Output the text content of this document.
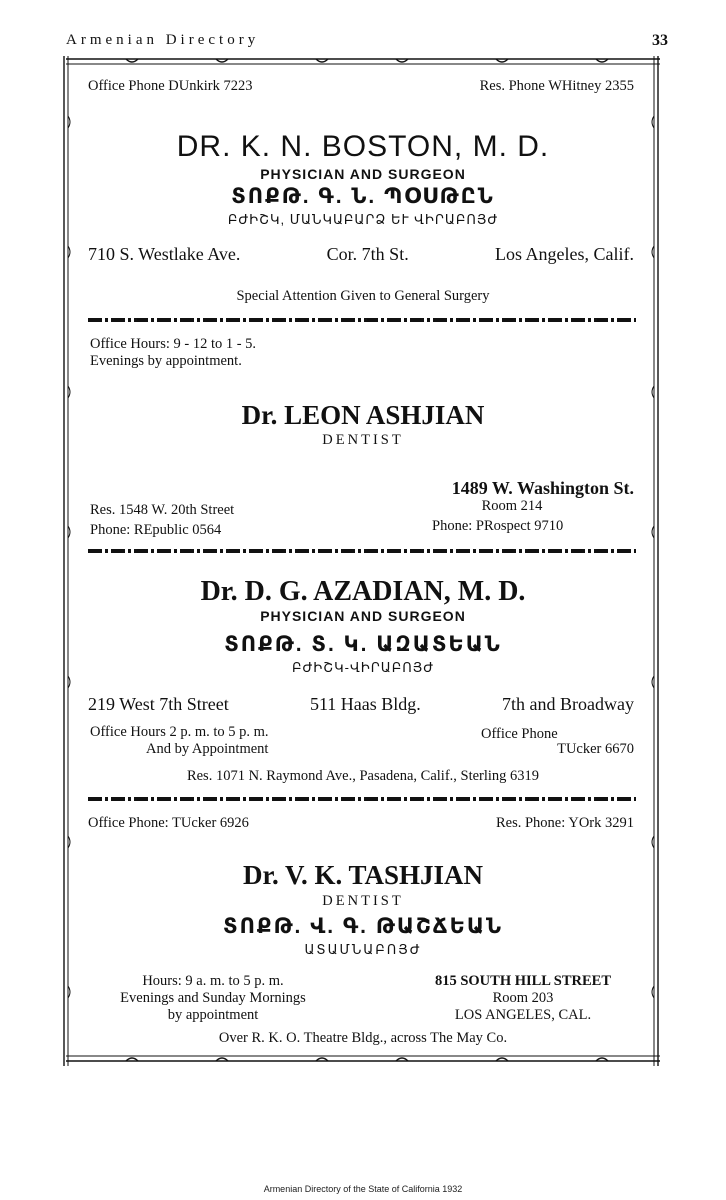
Armenian Directory	33
Office Phone DUnkirk 7223	Res. Phone WHitney 2355
DR. K. N. BOSTON, M. D.
PHYSICIAN AND SURGEON
ՏՈՔԹ. Գ. Ն. ՊՕՍԹԸՆ
ԲԺԻՇԿ, ՄԱՆԿԱԲԱՐՁ ԵՒ ՎԻՐԱԲՈՅԺ
710 S. Westlake Ave.	Cor. 7th St.	Los Angeles, Calif.
Special Attention Given to General Surgery
Office Hours: 9 - 12 to 1 - 5.
Evenings by appointment.
Dr. LEON ASHJIAN
DENTIST
1489 W. Washington St.
Room 214
Res. 1548 W. 20th Street
Phone: PRospect 9710
Phone: REpublic 0564
Dr. D. G. AZADIAN, M. D.
PHYSICIAN AND SURGEON
ՏՈՔԹ. Տ. Կ. ԱԶԱՏԵԱՆ
ԲԺԻՇԿ-ՎԻՐԱԲՈՅԺ
219 West 7th Street	511 Haas Bldg.	7th and Broadway
Office Hours 2 p. m. to 5 p. m.
And by Appointment
Office Phone
TUcker 6670
Res. 1071 N. Raymond Ave., Pasadena, Calif., Sterling 6319
Office Phone: TUcker 6926	Res. Phone: YOrk 3291
Dr. V. K. TASHJIAN
DENTIST
ՏՈՔԹ. Վ. Գ. ԹԱՇՃԵԱՆ
ԱՏԱՄՆԱԲՈՅԺ
Hours: 9 a. m. to 5 p. m.
Evenings and Sunday Mornings
by appointment
815 SOUTH HILL STREET
Room 203
LOS ANGELES, CAL.
Over R. K. O. Theatre Bldg., across The May Co.
Armenian Directory of the State of California 1932
